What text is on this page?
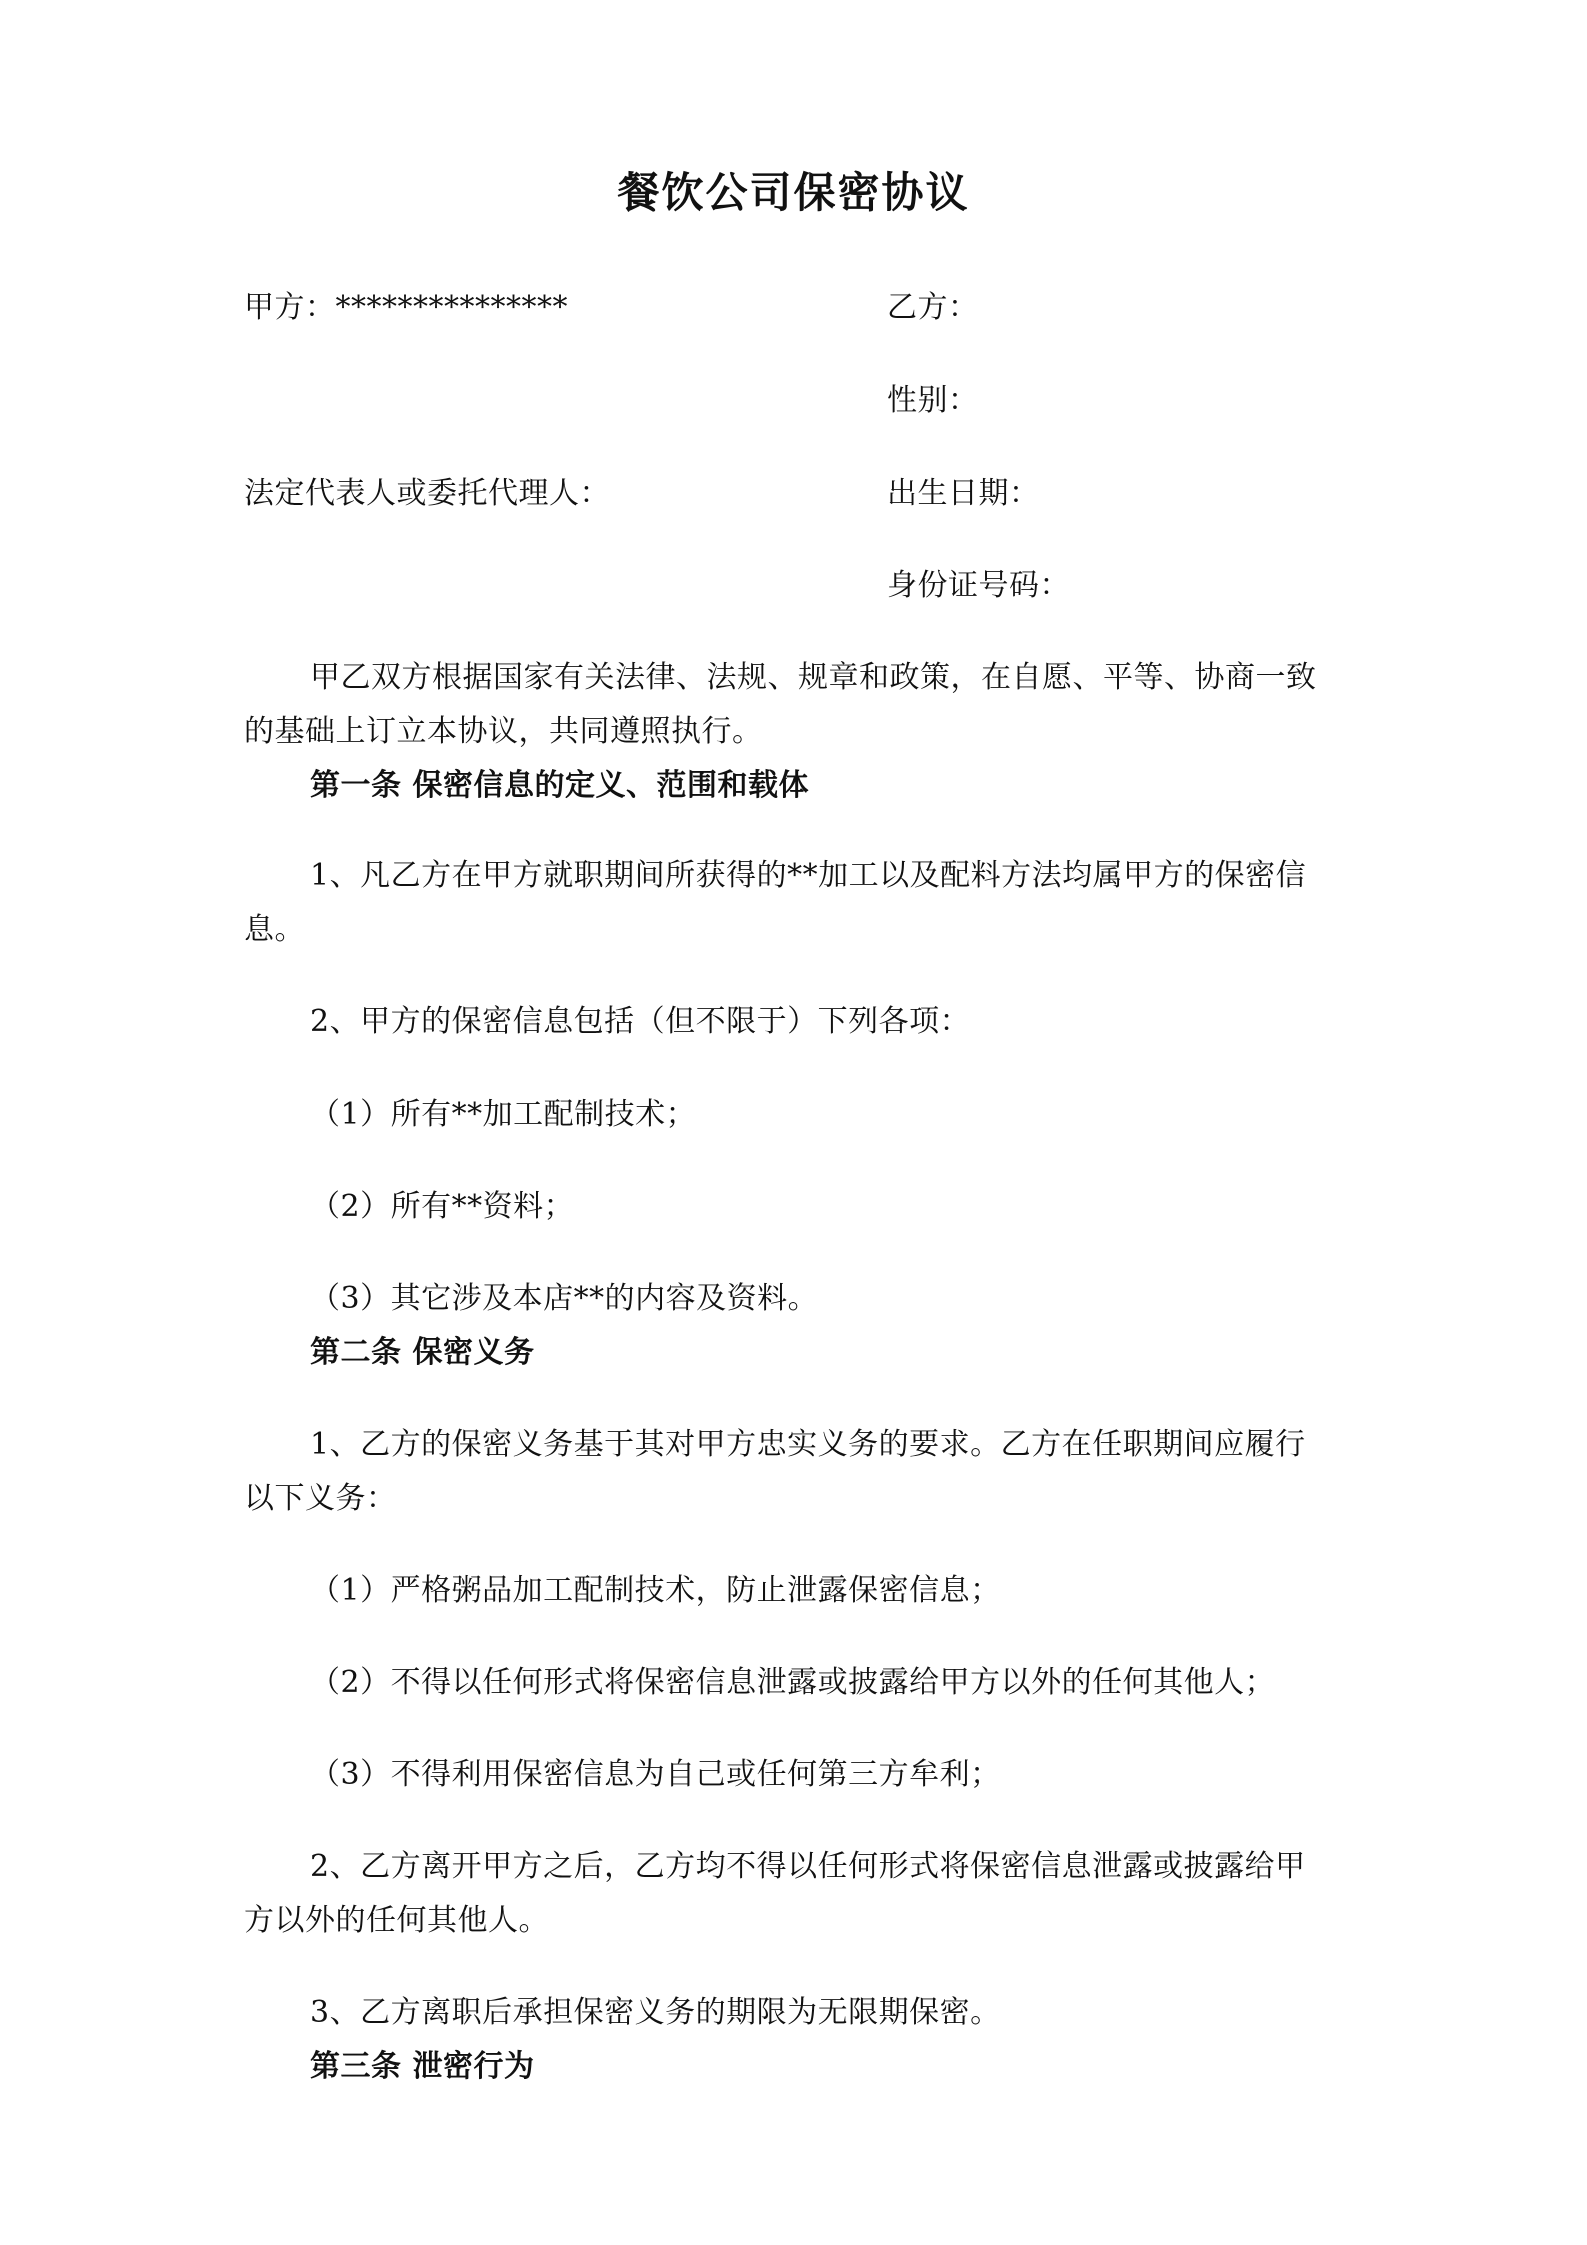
餐饮公司保密协议
甲方：***************	乙方：
性别：
法定代表人或委托代理人：	出生日期：
身份证号码：
甲乙双方根据国家有关法律、法规、规章和政策，在自愿、平等、协商一致
的基础上订立本协议，共同遵照执行。
第一条 保密信息的定义、范围和载体
1、凡乙方在甲方就职期间所获得的**加工以及配料方法均属甲方的保密信
息。
2、甲方的保密信息包括（但不限于）下列各项：
（1）所有**加工配制技术；
（2）所有**资料；
（3）其它涉及本店**的内容及资料。
第二条 保密义务
1、乙方的保密义务基于其对甲方忠实义务的要求。乙方在任职期间应履行
以下义务：
（1）严格粥品加工配制技术，防止泄露保密信息；
（2）不得以任何形式将保密信息泄露或披露给甲方以外的任何其他人；
（3）不得利用保密信息为自己或任何第三方牟利；
2、乙方离开甲方之后，乙方均不得以任何形式将保密信息泄露或披露给甲
方以外的任何其他人。
3、乙方离职后承担保密义务的期限为无限期保密。
第三条 泄密行为
